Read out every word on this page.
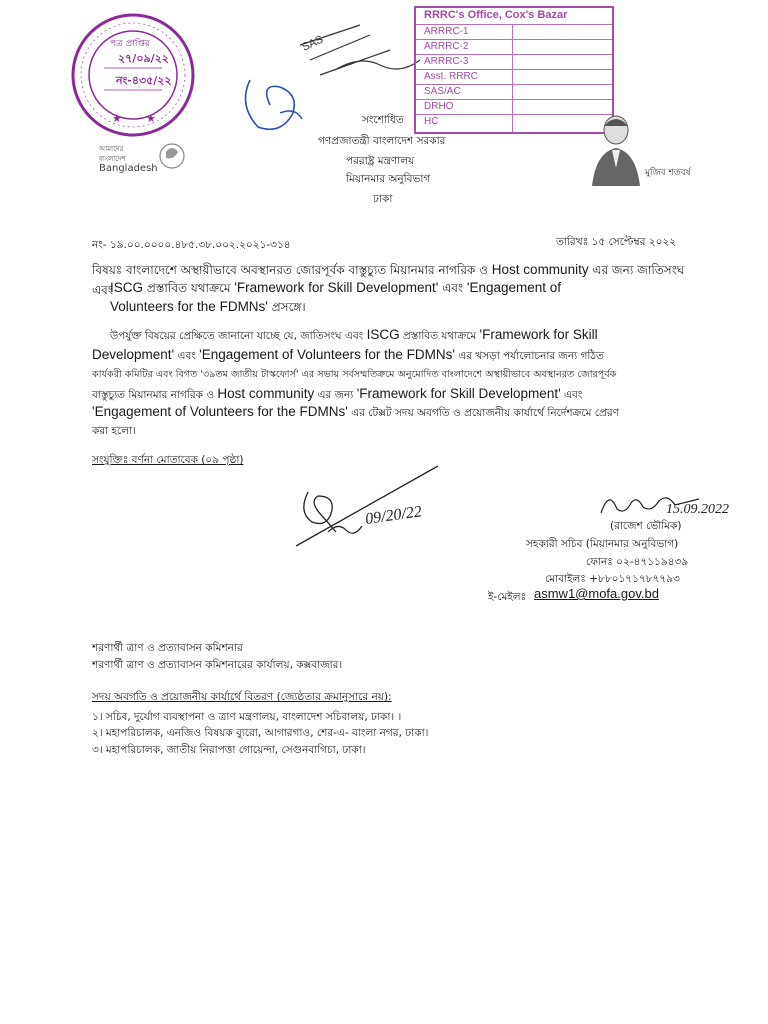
★ ★
পত্র প্রাপ্তির
২৭/০৯/২২
নং-৪৩৫/২২
আমাদের
বাংলাদেশ
Bangladesh
SAS
RRRC's Office, Cox's Bazar
ARRRC-1
ARRRC-2
ARRRC-3
Asst. RRRC
SAS/AC
DRHO
HC
মুজিব শতবর্ষ
সংশোধিত
গণপ্রজাতন্ত্রী বাংলাদেশ সরকার
পররাষ্ট্র মন্ত্রণালয়
মিয়ানমার অনুবিভাগ
ঢাকা
নং- ১৯.০০.০০০০.৪৮৫.৩৮.০০২.২০২১-৩১৪	তারিখঃ ১৫ সেপ্টেম্বর ২০২২
বিষয়ঃ বাংলাদেশে অস্থায়ীভাবে অবস্থানরত জোরপূর্বক বাস্তুচ্যুত মিয়ানমার নাগরিক ও Host community এর জন্য জাতিসংঘ এবং
ISCG প্রস্তাবিত যথাক্রমে 'Framework for Skill Development' এবং 'Engagement of
Volunteers for the FDMNs' প্রসঙ্গে।
উপর্যুক্ত বিষয়ের প্রেক্ষিতে জানানো যাচ্ছে যে, জাতিসংঘ এবং ISCG প্রস্তাবিত যথাক্রমে 'Framework for Skill
Development' এবং 'Engagement of Volunteers for the FDMNs' এর খসড়া পর্যালোচনার জন্য গঠিত
কার্যকরী কমিটির এবং বিগত '৩৯তম জাতীয় টাস্কফোর্স' এর সভায় সর্বসম্মতিক্রমে অনুমোদিত বাংলাদেশে অস্থায়ীভাবে অবস্থানরত জোরপূর্বক
বাস্তুচ্যুত মিয়ানমার নাগরিক ও Host community এর জন্য 'Framework for Skill Development' এবং
'Engagement of Volunteers for the FDMNs' এর টেক্সট সদয় অবগতি ও প্রয়োজনীয় কার্যার্থে নির্দেশক্রমে প্রেরণ
করা হলো।
সংযুক্তিঃ বর্ণনা মোতাবেক (০৯ পৃষ্ঠা)
09/20/22	15.09.2022
(রাজেশ ভৌমিক)
সহকারী সচিব (মিয়ানমার অনুবিভাগ)
ফোনঃ ০২-৪৭১১৯৪৩৯
মোবাইলঃ +৮৮০১৭১৭৮৭৭৯৩
ই-মেইলঃ asmw1@mofa.gov.bd
শরণার্থী ত্রাণ ও প্রত্যাবাসন কমিশনার
শরণার্থী ত্রাণ ও প্রত্যাবাসন কমিশনারের কার্যালয়, কক্সবাজার।
সদয় অবগতি ও প্রয়োজনীয় কার্যার্থে বিতরণ (জ্যেষ্ঠতার ক্রমানুসারে নয়):
১। সচিব, দুর্যোগ ব্যবস্থাপনা ও ত্রাণ মন্ত্রণালয়, বাংলাদেশ সচিবালয়, ঢাকা। ।
২। মহাপরিচালক, এনজিও বিষয়ক ব্যুরো, আগারগাও, শের-এ- বাংলা নগর, ঢাকা।
৩। মহাপরিচালক, জাতীয় নিরাপত্তা গোয়েন্দা, সেগুনবাগিচা, ঢাকা।
